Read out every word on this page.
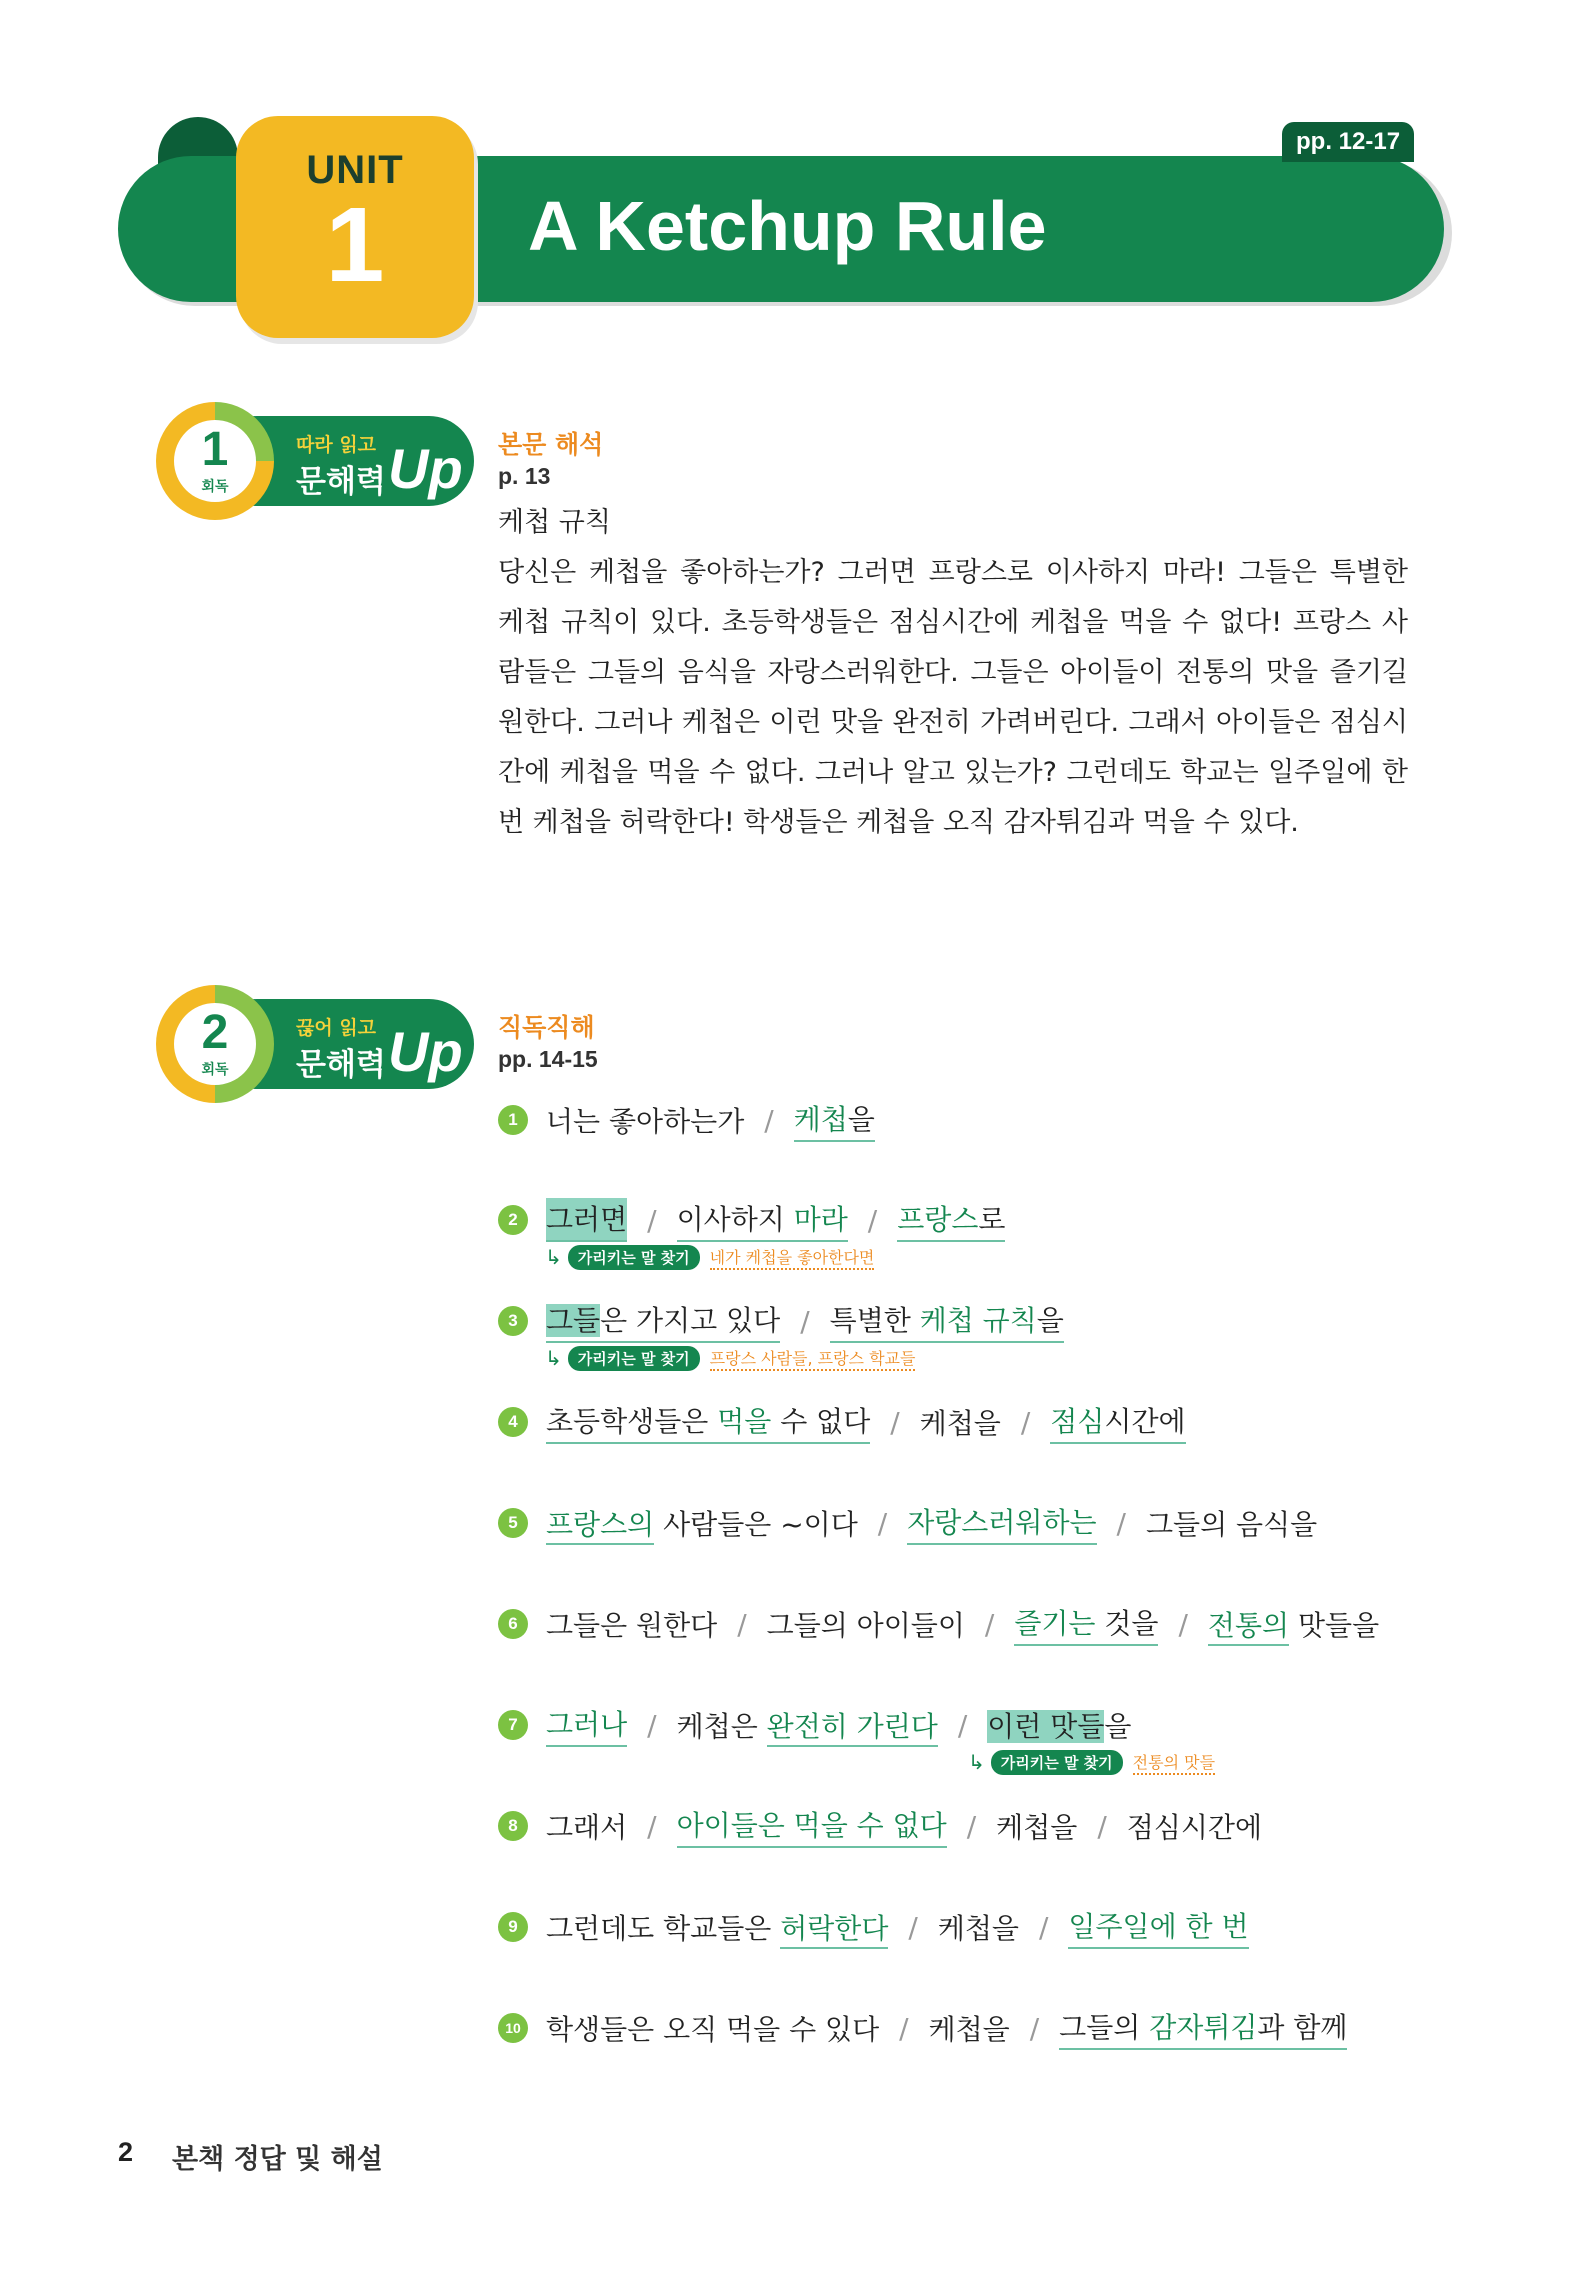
pp. 12-17
UNIT
1	A Ketchup Rule
1
회독
따라 읽고
문해력 Up 본문 해석
p. 13
케첩 규칙
당신은 케첩을 좋아하는가? 그러면 프랑스로 이사하지 마라! 그들은 특별한 케첩 규칙이 있다. 초등학생들은 점심시간에 케첩을 먹을 수 없다! 프랑스 사람들은 그들의 음식을 자랑스러워한다. 그들은 아이들이 전통의 맛을 즐기길 원한다. 그러나 케첩은 이런 맛을 완전히 가려버린다. 그래서 아이들은 점심시간에 케첩을 먹을 수 없다. 그러나 알고 있는가? 그런데도 학교는 일주일에 한 번 케첩을 허락한다! 학생들은 케첩을 오직 감자튀김과 먹을 수 있다.
2
회독
끊어 읽고
문해력 Up 직독직해
pp. 14-15
1	너는 좋아하는가 / 케첩을
2	그러면 / 이사하지 마라 / 프랑스로
↳	가리키는 말 찾기	네가 케첩을 좋아한다면
3	그들은 가지고 있다 / 특별한 케첩 규칙을
↳	가리키는 말 찾기	프랑스 사람들, 프랑스 학교들
4	초등학생들은 먹을 수 없다 / 케첩을 / 점심시간에
5	프랑스의 사람들은 ~이다 / 자랑스러워하는 / 그들의 음식을
6	그들은 원한다 / 그들의 아이들이 / 즐기는 것을 / 전통의 맛들을
7	그러나 / 케첩은 완전히 가린다 / 이런 맛들을
↳	가리키는 말 찾기	전통의 맛들
8	그래서 / 아이들은 먹을 수 없다 / 케첩을 / 점심시간에
9	그런데도 학교들은 허락한다 / 케첩을 / 일주일에 한 번
10 학생들은 오직 먹을 수 있다 / 케첩을 / 그들의 감자튀김과 함께
2 본책 정답 및 해설
